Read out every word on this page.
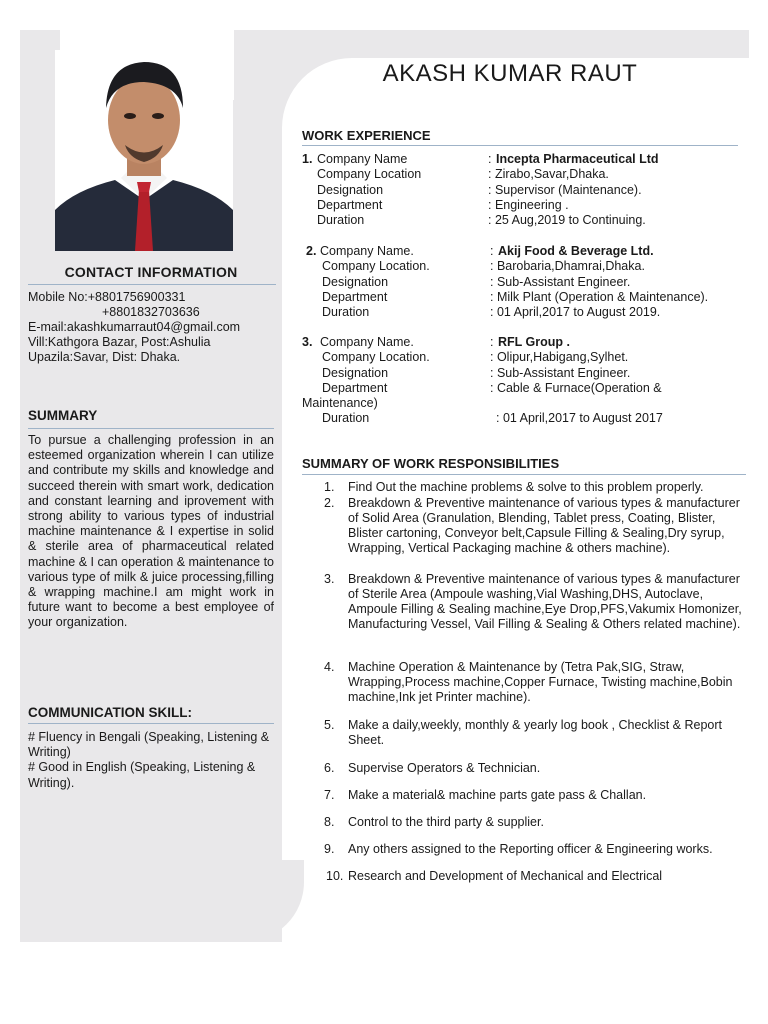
CONTACT INFORMATION
Mobile No:+8801756900331
+8801832703636
E-mail:akashkumarraut04@gmail.com
Vill:Kathgora Bazar, Post:Ashulia
Upazila:Savar, Dist: Dhaka.
SUMMARY
To pursue a challenging profession in an esteemed organization wherein I can utilize and contribute my skills and knowledge and succeed therein with smart work, dedication and constant learning and iprovement with strong ability to various types of industrial machine maintenance & I expertise in solid & sterile area of pharmaceutical related machine & I can operation & maintenance to various type of milk & juice processing,filling & wrapping machine.I am might work in future want to become a best employee of your organization.
COMMUNICATION SKILL:
# Fluency in Bengali (Speaking, Listening & Writing)
# Good in English (Speaking, Listening & Writing).
AKASH KUMAR RAUT
WORK EXPERIENCE
1. Company Name	: Incepta Pharmaceutical Ltd
Company Location	: Zirabo,Savar,Dhaka.
Designation	: Supervisor (Maintenance).
Department	: Engineering .
Duration	: 25 Aug,2019 to Continuing.
2. Company Name.	: Akij Food & Beverage Ltd.
Company Location.	: Barobaria,Dhamrai,Dhaka.
Designation	: Sub-Assistant Engineer.
Department	: Milk Plant (Operation & Maintenance).
Duration	: 01 April,2017 to August 2019.
3. Company Name.	: RFL Group .
Company Location.	: Olipur,Habigang,Sylhet.
Designation	: Sub-Assistant Engineer.
Department	: Cable & Furnace(Operation &
Maintenance)
Duration	: 01 April,2017 to August 2017
SUMMARY OF WORK RESPONSIBILITIES
1.	Find Out the machine problems & solve to this problem properly.
2.	Breakdown & Preventive maintenance of various types & manufacturer of Solid Area (Granulation, Blending, Tablet press, Coating, Blister, Blister cartoning, Conveyor belt,Capsule Filling & Sealing,Dry syrup, Wrapping, Vertical Packaging machine & others machine).
3.	Breakdown & Preventive maintenance of various types & manufacturer of Sterile Area (Ampoule washing,Vial Washing,DHS, Autoclave, Ampoule Filling & Sealing machine,Eye Drop,PFS,Vakumix Homonizer, Manufacturing Vessel, Vail Filling & Sealing & Others related machine).
4.	Machine Operation & Maintenance by (Tetra Pak,SIG, Straw, Wrapping,Process machine,Copper Furnace, Twisting machine,Bobin machine,Ink jet Printer machine).
5.	Make a daily,weekly, monthly & yearly log book , Checklist & Report Sheet.
6.	Supervise Operators & Technician.
7.	Make a material& machine parts gate pass & Challan.
8.	Control to the third party & supplier.
9.	Any others assigned to the Reporting officer & Engineering works.
10. Research and Development of Mechanical and Electrical
